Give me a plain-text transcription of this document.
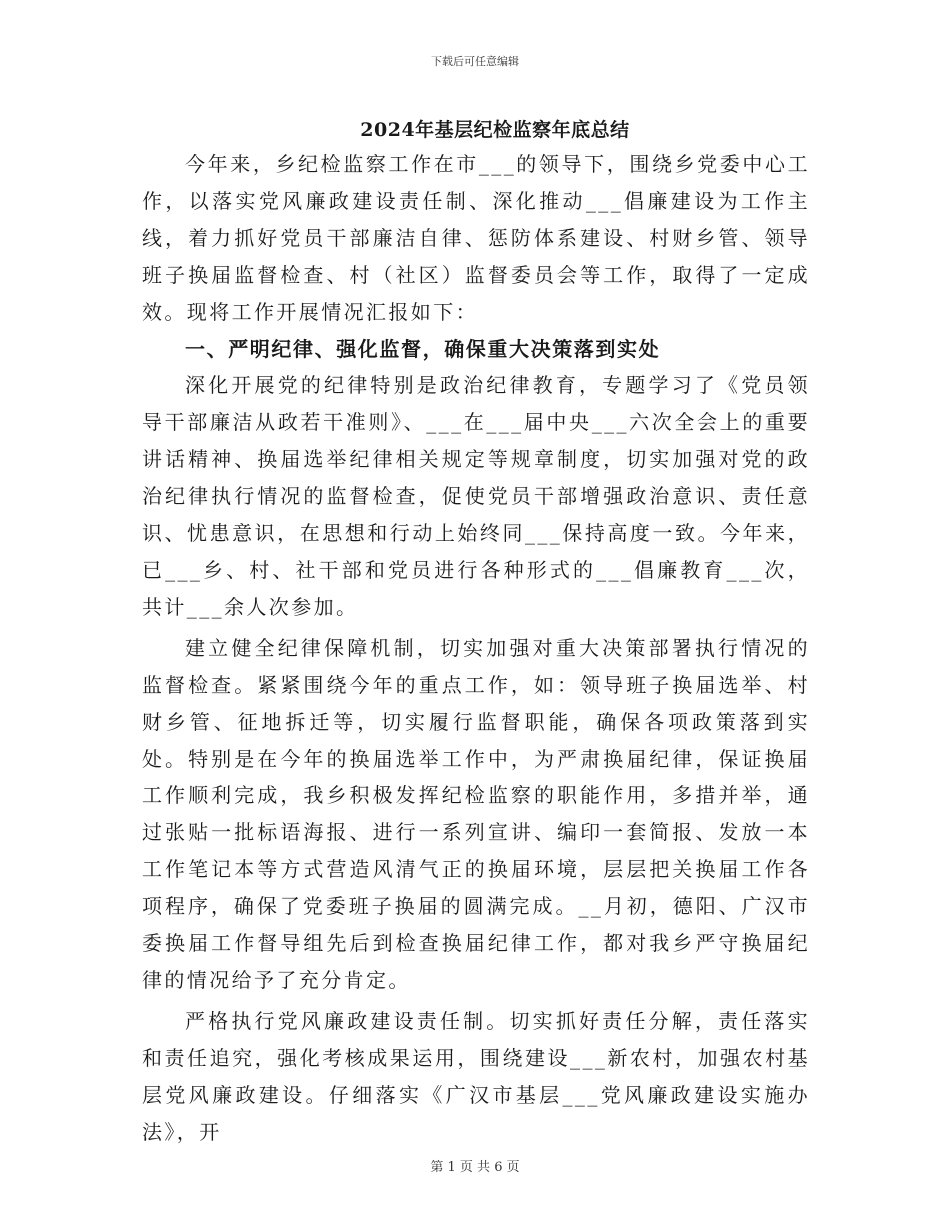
下载后可任意编辑
2024年基层纪检监察年底总结

今年来，乡纪检监察工作在市___的领导下，围绕乡党委中心工作，以落实党风廉政建设责任制、深化推动___倡廉建设为工作主线，着力抓好党员干部廉洁自律、惩防体系建设、村财乡管、领导班子换届监督检查、村（社区）监督委员会等工作，取得了一定成效。现将工作开展情况汇报如下：

一、严明纪律、强化监督，确保重大决策落到实处

深化开展党的纪律特别是政治纪律教育，专题学习了《党员领导干部廉洁从政若干准则》、___在___届中央___六次全会上的重要讲话精神、换届选举纪律相关规定等规章制度，切实加强对党的政治纪律执行情况的监督检查，促使党员干部增强政治意识、责任意识、忧患意识，在思想和行动上始终同___保持高度一致。今年来，已___乡、村、社干部和党员进行各种形式的___倡廉教育___次，共计___余人次参加。

建立健全纪律保障机制，切实加强对重大决策部署执行情况的监督检查。紧紧围绕今年的重点工作，如：领导班子换届选举、村财乡管、征地拆迁等，切实履行监督职能，确保各项政策落到实处。特别是在今年的换届选举工作中，为严肃换届纪律，保证换届工作顺利完成，我乡积极发挥纪检监察的职能作用，多措并举，通过张贴一批标语海报、进行一系列宣讲、编印一套简报、发放一本工作笔记本等方式营造风清气正的换届环境，层层把关换届工作各项程序，确保了党委班子换届的圆满完成。__月初，德阳、广汉市委换届工作督导组先后到检查换届纪律工作，都对我乡严守换届纪律的情况给予了充分肯定。

严格执行党风廉政建设责任制。切实抓好责任分解，责任落实和责任追究，强化考核成果运用，围绕建设___新农村，加强农村基层党风廉政建设。仔细落实《广汉市基层___党风廉政建设实施办法》，开

第 1 页 共 6 页
